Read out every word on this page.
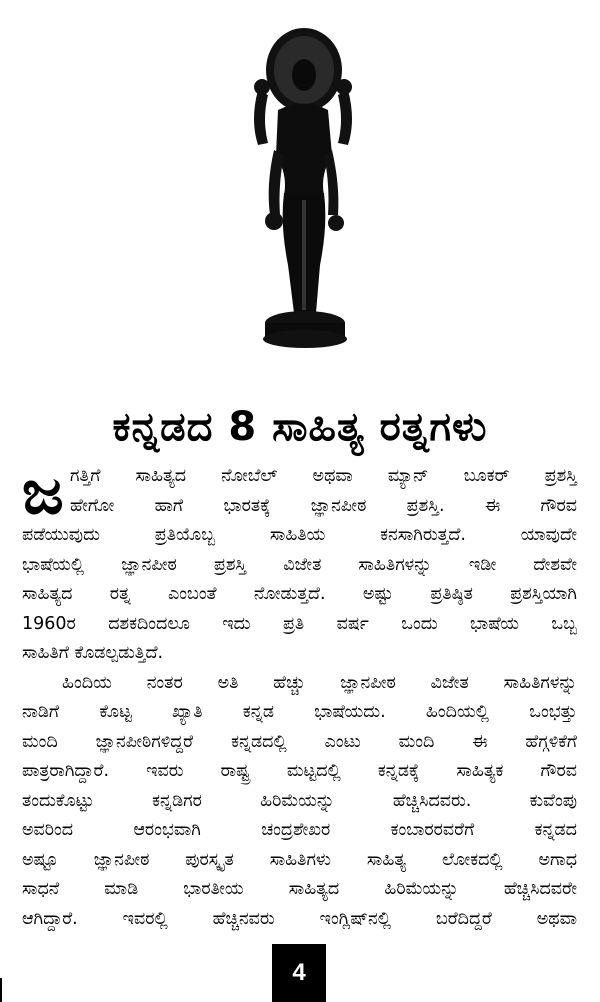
ಕನ್ನಡದ 8 ಸಾಹಿತ್ಯ ರತ್ನಗಳು
ಜ ಗತ್ತಿಗೆ ಸಾಹಿತ್ಯದ ನೋಬೆಲ್ ಅಥವಾ ಮ್ಯಾನ್ ಬೂಕರ್ ಪ್ರಶಸ್ತಿ
ಹೇಗೋ ಹಾಗೆ ಭಾರತಕ್ಕೆ ಜ್ಞಾನಪೀಠ ಪ್ರಶಸ್ತಿ. ಈ ಗೌರವ
ಪಡೆಯುವುದು ಪ್ರತಿಯೊಬ್ಬ ಸಾಹಿತಿಯ ಕನಸಾಗಿರುತ್ತದೆ. ಯಾವುದೇ
ಭಾಷೆಯಲ್ಲಿ ಜ್ಞಾನಪೀಠ ಪ್ರಶಸ್ತಿ ವಿಜೇತ ಸಾಹಿತಿಗಳನ್ನು ಇಡೀ ದೇಶವೇ
ಸಾಹಿತ್ಯದ ರತ್ನ ಎಂಬಂತೆ ನೋಡುತ್ತದೆ. ಅಷ್ಟು ಪ್ರತಿಷ್ಠಿತ ಪ್ರಶಸ್ತಿಯಾಗಿ
1960ರ ದಶಕದಿಂದಲೂ ಇದು ಪ್ರತಿ ವರ್ಷ ಒಂದು ಭಾಷೆಯ ಒಬ್ಬ
ಸಾಹಿತಿಗೆ ಕೊಡಲ್ಪಡುತ್ತಿದೆ.
ಹಿಂದಿಯ ನಂತರ ಅತಿ ಹೆಚ್ಚು ಜ್ಞಾನಪೀಠ ವಿಜೇತ ಸಾಹಿತಿಗಳನ್ನು
ನಾಡಿಗೆ ಕೊಟ್ಟ ಖ್ಯಾತಿ ಕನ್ನಡ ಭಾಷೆಯದು. ಹಿಂದಿಯಲ್ಲಿ ಒಂಭತ್ತು
ಮಂದಿ ಜ್ಞಾನಪೀಠಿಗಳಿದ್ದರೆ ಕನ್ನಡದಲ್ಲಿ ಎಂಟು ಮಂದಿ ಈ ಹೆಗ್ಗಳಿಕೆಗೆ
ಪಾತ್ರರಾಗಿದ್ದಾರೆ. ಇವರು ರಾಷ್ಟ್ರ ಮಟ್ಟದಲ್ಲಿ ಕನ್ನಡಕ್ಕೆ ಸಾಹಿತ್ಯಕ ಗೌರವ
ತಂದುಕೊಟ್ಟು ಕನ್ನಡಿಗರ ಹಿರಿಮೆಯನ್ನು ಹೆಚ್ಚಿಸಿದವರು. ಕುವೆಂಪು
ಅವರಿಂದ ಆರಂಭವಾಗಿ ಚಂದ್ರಶೇಖರ ಕಂಬಾರರವರೆಗೆ ಕನ್ನಡದ
ಅಷ್ಟೂ ಜ್ಞಾನಪೀಠ ಪುರಸ್ಕೃತ ಸಾಹಿತಿಗಳು ಸಾಹಿತ್ಯ ಲೋಕದಲ್ಲಿ ಅಗಾಧ
ಸಾಧನೆ ಮಾಡಿ ಭಾರತೀಯ ಸಾಹಿತ್ಯದ ಹಿರಿಮೆಯನ್ನು ಹೆಚ್ಚಿಸಿದವರೇ
ಆಗಿದ್ದಾರೆ. ಇವರಲ್ಲಿ ಹೆಚ್ಚಿನವರು ಇಂಗ್ಲಿಷ್‌ನಲ್ಲಿ ಬರೆದಿದ್ದರೆ ಅಥವಾ
4
